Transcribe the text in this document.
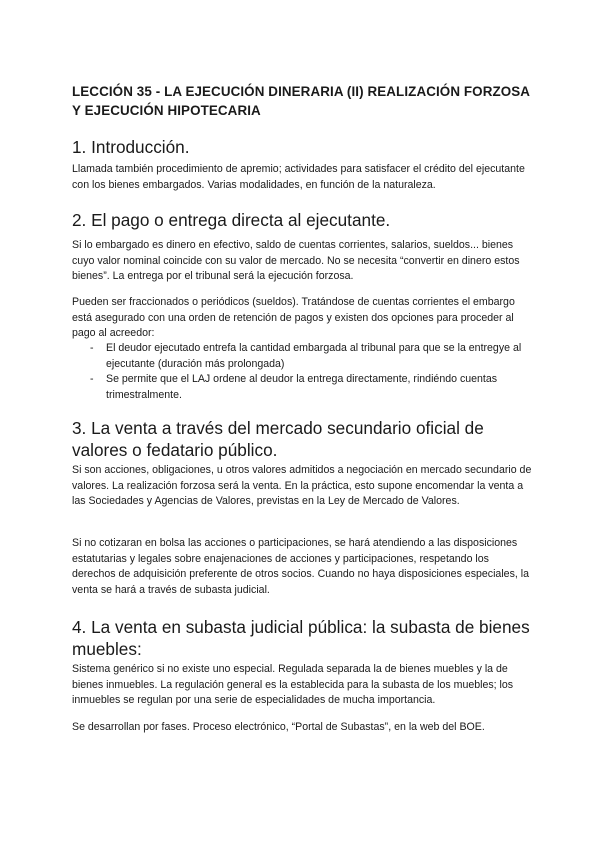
LECCIÓN 35 - LA EJECUCIÓN DINERARIA (II) REALIZACIÓN FORZOSA Y EJECUCIÓN HIPOTECARIA
1. Introducción.

Llamada también procedimiento de apremio; actividades para satisfacer el crédito del ejecutante con los bienes embargados. Varias modalidades, en función de la naturaleza.

2. El pago o entrega directa al ejecutante.

Si lo embargado es dinero en efectivo, saldo de cuentas corrientes, salarios, sueldos... bienes cuyo valor nominal coincide con su valor de mercado. No se necesita “convertir en dinero estos bienes”. La entrega por el tribunal será la ejecución forzosa.

Pueden ser fraccionados o periódicos (sueldos). Tratándose de cuentas corrientes el embargo está asegurado con una orden de retención de pagos y existen dos opciones para proceder al pago al acreedor:

- El deudor ejecutado entrefa la cantidad embargada al tribunal para que se la entregye al ejecutante (duración más prolongada)
- Se permite que el LAJ ordene al deudor la entrega directamente, rindiéndo cuentas trimestralmente.
3. La venta a través del mercado secundario oficial de valores o fedatario público.

Si son acciones, obligaciones, u otros valores admitidos a negociación en mercado secundario de valores. La realización forzosa será la venta. En la práctica, esto supone encomendar la venta a las Sociedades y Agencias de Valores, previstas en la Ley de Mercado de Valores.

Si no cotizaran en bolsa las acciones o participaciones, se hará atendiendo a las disposiciones estatutarias y legales sobre enajenaciones de acciones y participaciones, respetando los derechos de adquisición preferente de otros socios. Cuando no haya disposiciones especiales, la venta se hará a través de subasta judicial.

4. La venta en subasta judicial pública: la subasta de bienes muebles:

Sistema genérico si no existe uno especial. Regulada separada la de bienes muebles y la de bienes inmuebles. La regulación general es la establecida para la subasta de los muebles; los inmuebles se regulan por una serie de especialidades de mucha importancia.

Se desarrollan por fases. Proceso electrónico, “Portal de Subastas”, en la web del BOE.
